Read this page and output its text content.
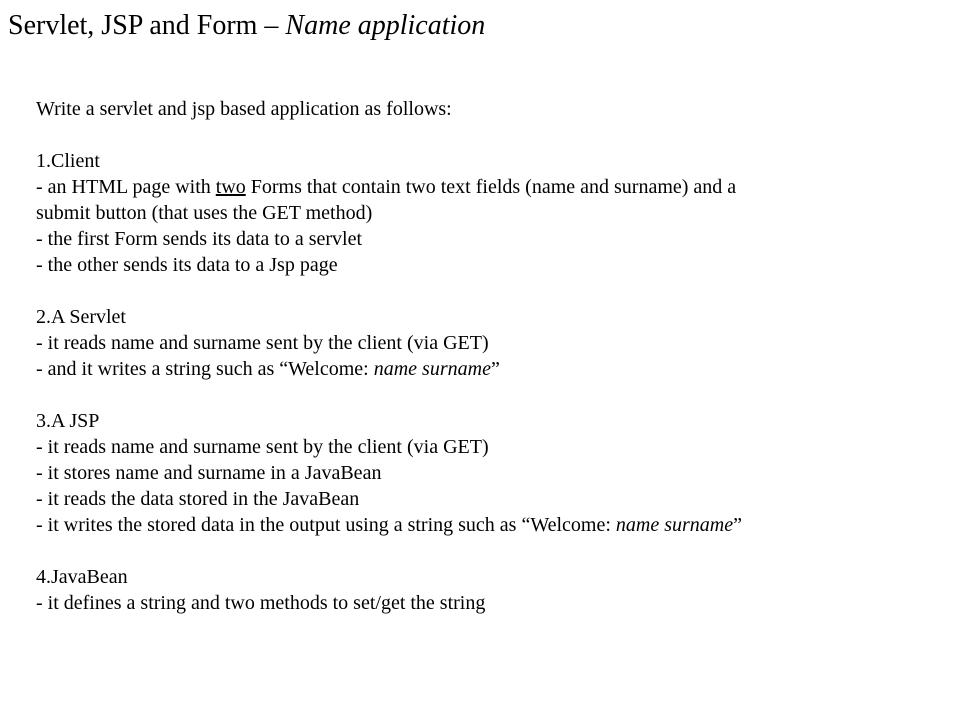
Servlet, JSP and Form – Name application
Write a servlet and jsp based application as follows:
1.Client
- an HTML page with two Forms that contain two text fields (name and surname) and a
submit button (that uses the GET method)
- the first Form sends its data to a servlet
- the other sends its data to a Jsp page
2.A Servlet
- it reads name and surname sent by the client (via GET)
- and it writes a string such as “Welcome: name surname”
3.A JSP
- it reads name and surname sent by the client (via GET)
- it stores name and surname in a JavaBean
- it reads the data stored in the JavaBean
- it writes the stored data in the output using a string such as “Welcome: name surname”
4.JavaBean
- it defines a string and two methods to set/get the string
